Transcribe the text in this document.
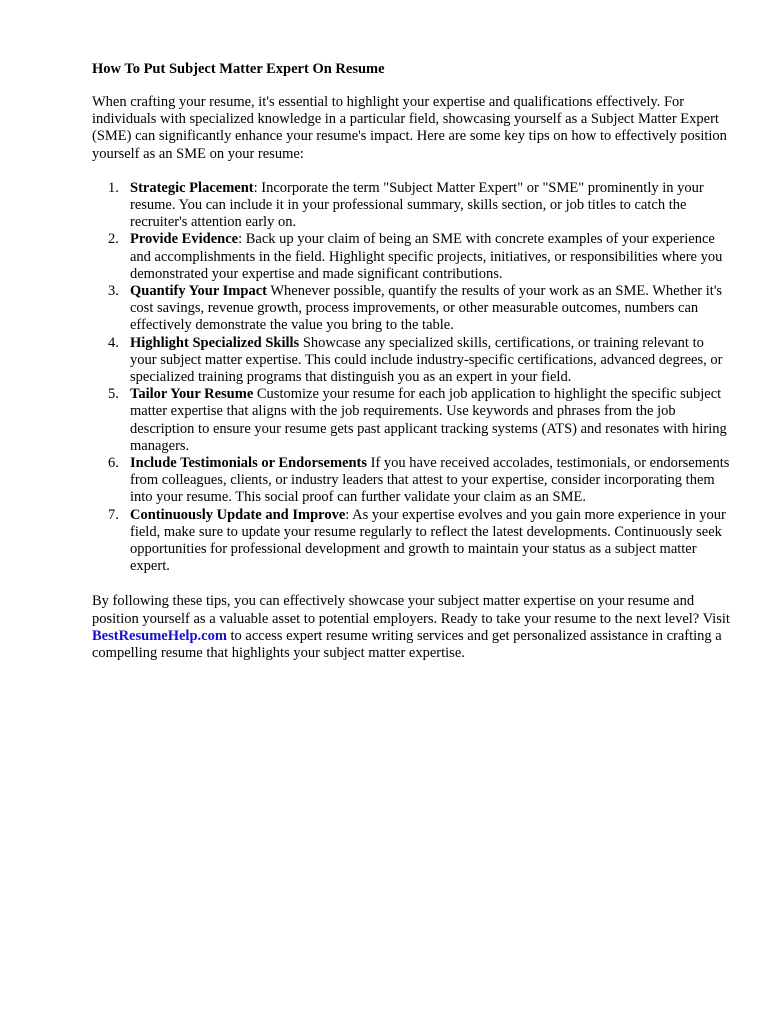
How To Put Subject Matter Expert On Resume

When crafting your resume, it's essential to highlight your expertise and qualifications effectively. For individuals with specialized knowledge in a particular field, showcasing yourself as a Subject Matter Expert (SME) can significantly enhance your resume's impact. Here are some key tips on how to effectively position yourself as an SME on your resume:

1. Strategic Placement: Incorporate the term "Subject Matter Expert" or "SME" prominently in your resume. You can include it in your professional summary, skills section, or job titles to catch the recruiter's attention early on.
2. Provide Evidence: Back up your claim of being an SME with concrete examples of your experience and accomplishments in the field. Highlight specific projects, initiatives, or responsibilities where you demonstrated your expertise and made significant contributions.
3. Quantify Your Impact Whenever possible, quantify the results of your work as an SME. Whether it's cost savings, revenue growth, process improvements, or other measurable outcomes, numbers can effectively demonstrate the value you bring to the table.
4. Highlight Specialized Skills Showcase any specialized skills, certifications, or training relevant to your subject matter expertise. This could include industry-specific certifications, advanced degrees, or specialized training programs that distinguish you as an expert in your field.
5. Tailor Your Resume Customize your resume for each job application to highlight the specific subject matter expertise that aligns with the job requirements. Use keywords and phrases from the job description to ensure your resume gets past applicant tracking systems (ATS) and resonates with hiring managers.
6. Include Testimonials or Endorsements If you have received accolades, testimonials, or endorsements from colleagues, clients, or industry leaders that attest to your expertise, consider incorporating them into your resume. This social proof can further validate your claim as an SME.
7. Continuously Update and Improve: As your expertise evolves and you gain more experience in your field, make sure to update your resume regularly to reflect the latest developments. Continuously seek opportunities for professional development and growth to maintain your status as a subject matter expert.

By following these tips, you can effectively showcase your subject matter expertise on your resume and position yourself as a valuable asset to potential employers. Ready to take your resume to the next level? Visit BestResumeHelp.com to access expert resume writing services and get personalized assistance in crafting a compelling resume that highlights your subject matter expertise.
